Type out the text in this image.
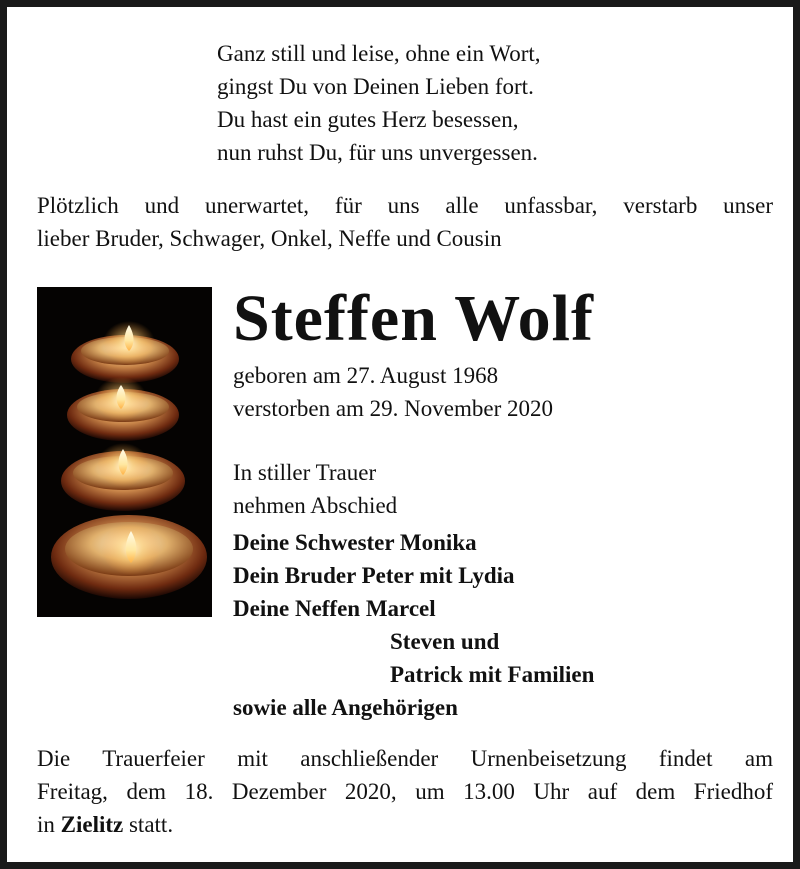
Ganz still und leise, ohne ein Wort,
gingst Du von Deinen Lieben fort.
Du hast ein gutes Herz besessen,
nun ruhst Du, für uns unvergessen.
Plötzlich und unerwartet, für uns alle unfassbar, verstarb unser
lieber Bruder, Schwager, Onkel, Neffe und Cousin
Steffen Wolf
geboren am 27. August 1968
verstorben am 29. November 2020
In stiller Trauer
nehmen Abschied
Deine Schwester Monika
Dein Bruder Peter mit Lydia
Deine Neffen Marcel
Steven und
Patrick mit Familien
sowie alle Angehörigen
Die Trauerfeier mit anschließender Urnenbeisetzung findet am
Freitag, dem 18. Dezember 2020, um 13.00 Uhr auf dem Friedhof
in Zielitz statt.
